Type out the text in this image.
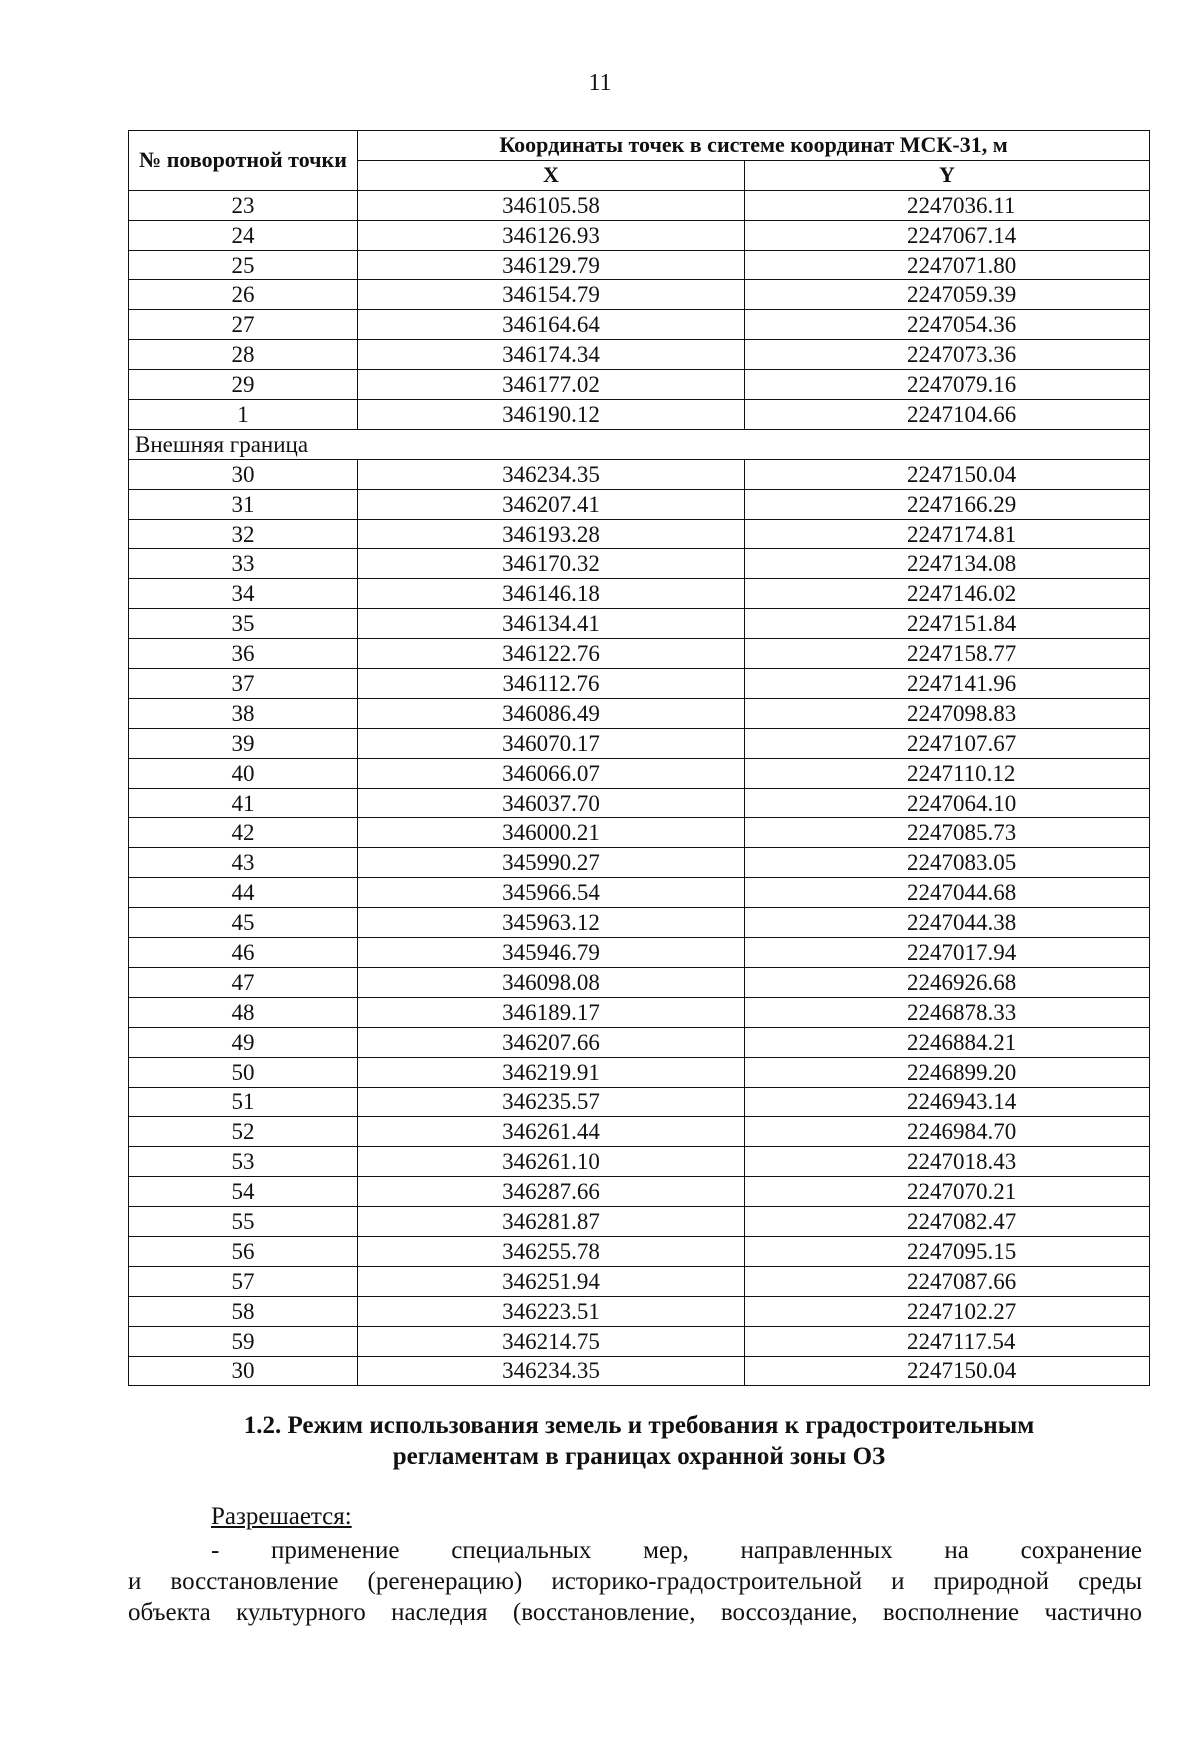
11
№ поворотной точки	Координаты точек в системе координат МСК-31, м	
	X	Y
23	346105.58	2247036.11
24	346126.93	2247067.14
25	346129.79	2247071.80
26	346154.79	2247059.39
27	346164.64	2247054.36
28	346174.34	2247073.36
29	346177.02	2247079.16
1	346190.12	2247104.66
Внешняя граница		
30	346234.35	2247150.04
31	346207.41	2247166.29
32	346193.28	2247174.81
33	346170.32	2247134.08
34	346146.18	2247146.02
35	346134.41	2247151.84
36	346122.76	2247158.77
37	346112.76	2247141.96
38	346086.49	2247098.83
39	346070.17	2247107.67
40	346066.07	2247110.12
41	346037.70	2247064.10
42	346000.21	2247085.73
43	345990.27	2247083.05
44	345966.54	2247044.68
45	345963.12	2247044.38
46	345946.79	2247017.94
47	346098.08	2246926.68
48	346189.17	2246878.33
49	346207.66	2246884.21
50	346219.91	2246899.20
51	346235.57	2246943.14
52	346261.44	2246984.70
53	346261.10	2247018.43
54	346287.66	2247070.21
55	346281.87	2247082.47
56	346255.78	2247095.15
57	346251.94	2247087.66
58	346223.51	2247102.27
59	346214.75	2247117.54
30	346234.35	2247150.04
1.2. Режим использования земель и требования к градостроительным
регламентам в границах охранной зоны ОЗ
Разрешается:
- применение специальных мер, направленных на сохранение
и восстановление (регенерацию) историко-градостроительной и природной среды
объекта культурного наследия (восстановление, воссоздание, восполнение частично
